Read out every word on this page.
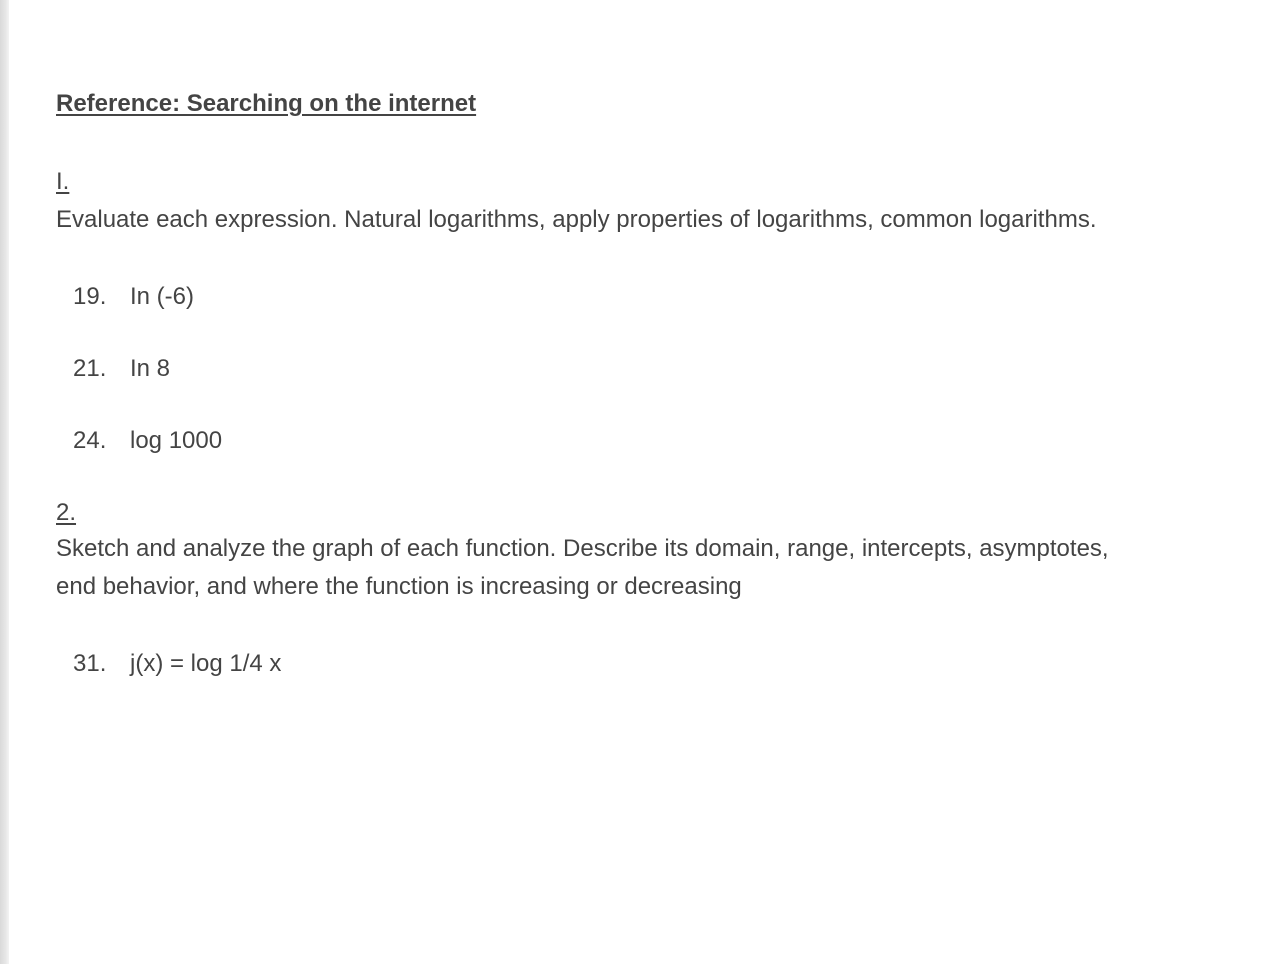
Reference: Searching on the internet
I.
Evaluate each expression. Natural logarithms, apply properties of logarithms, common logarithms.
19. In (-6)
21. In 8
24. log 1000
2.
Sketch and analyze the graph of each function. Describe its domain, range, intercepts, asymptotes,
end behavior, and where the function is increasing or decreasing
31. j(x) = log 1/4 x
